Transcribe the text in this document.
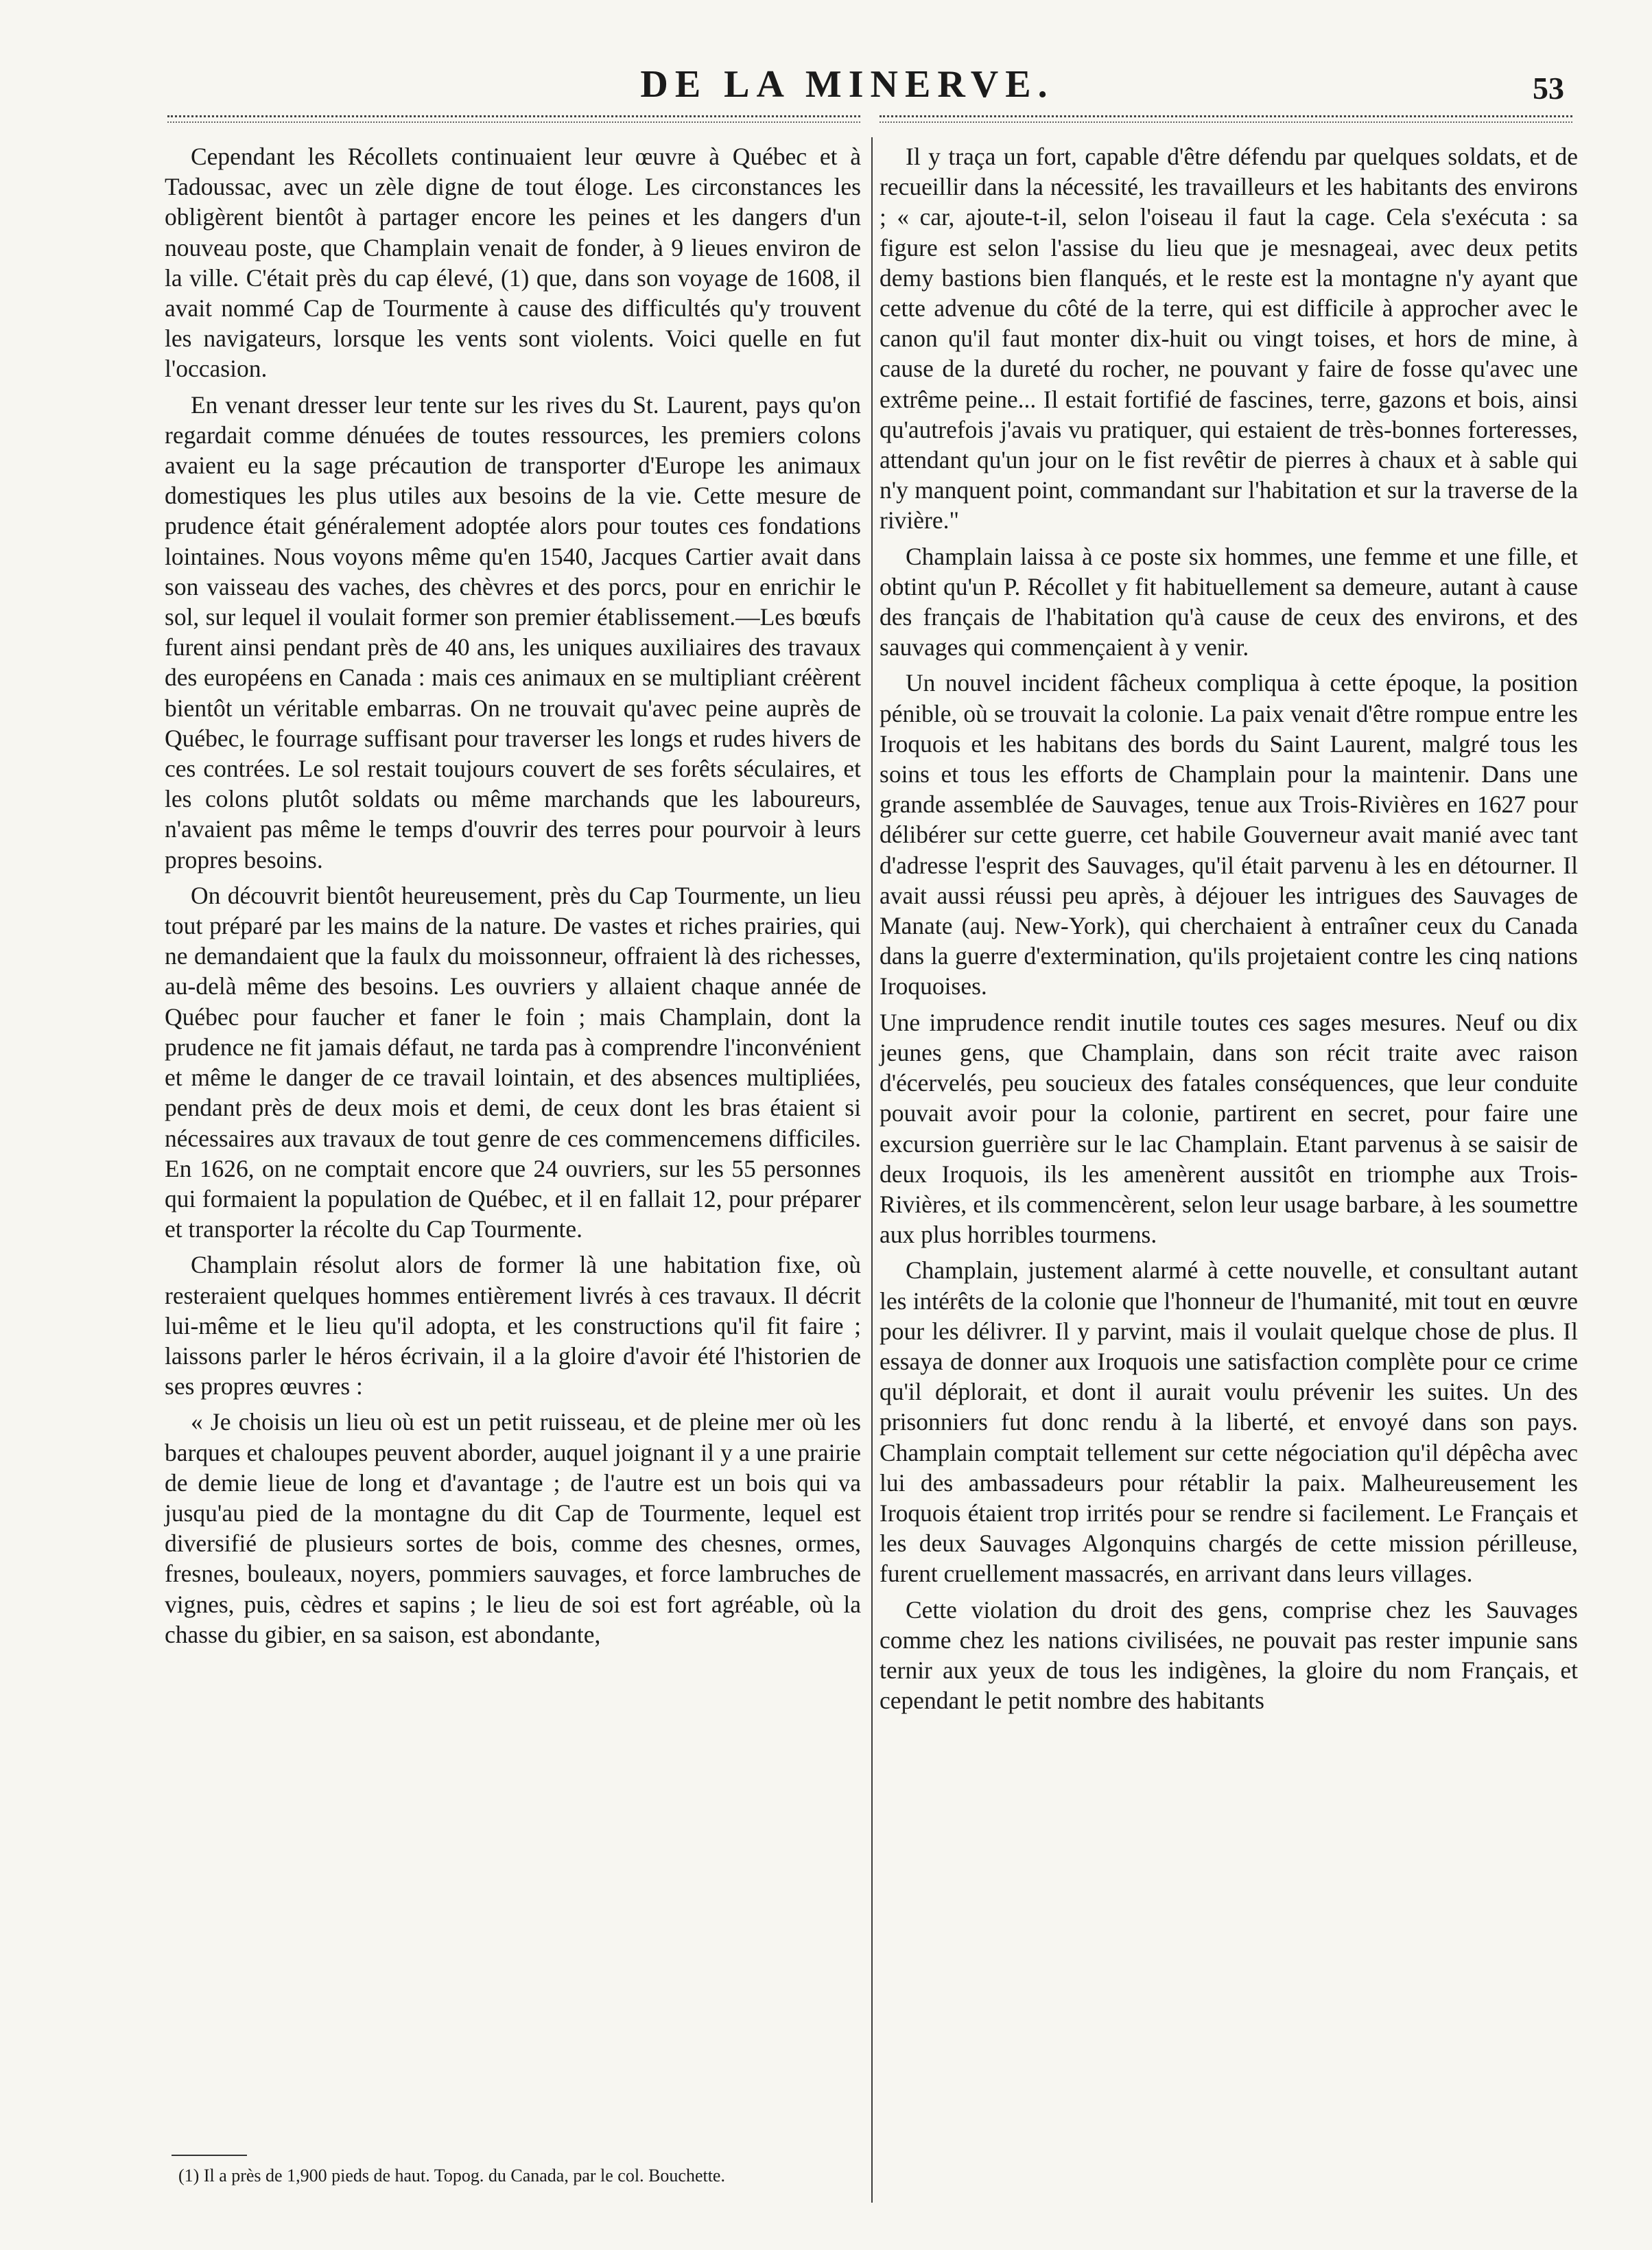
DE LA MINERVE.	53

Cependant les Récollets continuaient leur œuvre à Québec et à Tadoussac, avec un zèle digne de tout éloge. Les circonstances les obligèrent bientôt à partager encore les peines et les dangers d'un nouveau poste, que Champlain venait de fonder, à 9 lieues environ de la ville. C'était près du cap élevé, (1) que, dans son voyage de 1608, il avait nommé Cap de Tourmente à cause des difficultés qu'y trouvent les navigateurs, lorsque les vents sont violents. Voici quelle en fut l'occasion.

En venant dresser leur tente sur les rives du St. Laurent, pays qu'on regardait comme dénuées de toutes ressources, les premiers colons avaient eu la sage précaution de transporter d'Europe les animaux domestiques les plus utiles aux besoins de la vie. Cette mesure de prudence était généralement adoptée alors pour toutes ces fondations lointaines. Nous voyons même qu'en 1540, Jacques Cartier avait dans son vaisseau des vaches, des chèvres et des porcs, pour en enrichir le sol, sur lequel il voulait former son premier établissement.—Les bœufs furent ainsi pendant près de 40 ans, les uniques auxiliaires des travaux des européens en Canada : mais ces animaux en se multipliant créèrent bientôt un véritable embarras. On ne trouvait qu'avec peine auprès de Québec, le fourrage suffisant pour traverser les longs et rudes hivers de ces contrées. Le sol restait toujours couvert de ses forêts séculaires, et les colons plutôt soldats ou même marchands que les laboureurs, n'avaient pas même le temps d'ouvrir des terres pour pourvoir à leurs propres besoins.

On découvrit bientôt heureusement, près du Cap Tourmente, un lieu tout préparé par les mains de la nature. De vastes et riches prairies, qui ne demandaient que la faulx du moissonneur, offraient là des richesses, au-delà même des besoins. Les ouvriers y allaient chaque année de Québec pour faucher et faner le foin ; mais Champlain, dont la prudence ne fit jamais défaut, ne tarda pas à comprendre l'inconvénient et même le danger de ce travail lointain, et des absences multipliées, pendant près de deux mois et demi, de ceux dont les bras étaient si nécessaires aux travaux de tout genre de ces commencemens difficiles. En 1626, on ne comptait encore que 24 ouvriers, sur les 55 personnes qui formaient la population de Québec, et il en fallait 12, pour préparer et transporter la récolte du Cap Tourmente.

Champlain résolut alors de former là une habitation fixe, où resteraient quelques hommes entièrement livrés à ces travaux. Il décrit lui-même et le lieu qu'il adopta, et les constructions qu'il fit faire ; laissons parler le héros écrivain, il a la gloire d'avoir été l'historien de ses propres œuvres :

« Je choisis un lieu où est un petit ruisseau, et de pleine mer où les barques et chaloupes peuvent aborder, auquel joignant il y a une prairie de demie lieue de long et d'avantage ; de l'autre est un bois qui va jusqu'au pied de la montagne du dit Cap de Tourmente, lequel est diversifié de plusieurs sortes de bois, comme des chesnes, ormes, fresnes, bouleaux, noyers, pommiers sauvages, et force lambruches de vignes, puis, cèdres et sapins ; le lieu de soi est fort agréable, où la chasse du gibier, en sa saison, est abondante,

Il y traça un fort, capable d'être défendu par quelques soldats, et de recueillir dans la nécessité, les travailleurs et les habitants des environs ; « car, ajoute-t-il, selon l'oiseau il faut la cage. Cela s'exécuta : sa figure est selon l'assise du lieu que je mesnageai, avec deux petits demy bastions bien flanqués, et le reste est la montagne n'y ayant que cette advenue du côté de la terre, qui est difficile à approcher avec le canon qu'il faut monter dix-huit ou vingt toises, et hors de mine, à cause de la dureté du rocher, ne pouvant y faire de fosse qu'avec une extrême peine... Il estait fortifié de fascines, terre, gazons et bois, ainsi qu'autrefois j'avais vu pratiquer, qui estaient de très-bonnes forteresses, attendant qu'un jour on le fist revêtir de pierres à chaux et à sable qui n'y manquent point, commandant sur l'habitation et sur la traverse de la rivière."

Champlain laissa à ce poste six hommes, une femme et une fille, et obtint qu'un P. Récollet y fit habituellement sa demeure, autant à cause des français de l'habitation qu'à cause de ceux des environs, et des sauvages qui commençaient à y venir.

Un nouvel incident fâcheux compliqua à cette époque, la position pénible, où se trouvait la colonie. La paix venait d'être rompue entre les Iroquois et les habitans des bords du Saint Laurent, malgré tous les soins et tous les efforts de Champlain pour la maintenir. Dans une grande assemblée de Sauvages, tenue aux Trois-Rivières en 1627 pour délibérer sur cette guerre, cet habile Gouverneur avait manié avec tant d'adresse l'esprit des Sauvages, qu'il était parvenu à les en détourner. Il avait aussi réussi peu après, à déjouer les intrigues des Sauvages de Manate (auj. New-York), qui cherchaient à entraîner ceux du Canada dans la guerre d'extermination, qu'ils projetaient contre les cinq nations Iroquoises.

Une imprudence rendit inutile toutes ces sages mesures. Neuf ou dix jeunes gens, que Champlain, dans son récit traite avec raison d'écervelés, peu soucieux des fatales conséquences, que leur conduite pouvait avoir pour la colonie, partirent en secret, pour faire une excursion guerrière sur le lac Champlain. Etant parvenus à se saisir de deux Iroquois, ils les amenèrent aussitôt en triomphe aux Trois-Rivières, et ils commencèrent, selon leur usage barbare, à les soumettre aux plus horribles tourmens.

Champlain, justement alarmé à cette nouvelle, et consultant autant les intérêts de la colonie que l'honneur de l'humanité, mit tout en œuvre pour les délivrer. Il y parvint, mais il voulait quelque chose de plus. Il essaya de donner aux Iroquois une satisfaction complète pour ce crime qu'il déplorait, et dont il aurait voulu prévenir les suites. Un des prisonniers fut donc rendu à la liberté, et envoyé dans son pays. Champlain comptait tellement sur cette négociation qu'il dépêcha avec lui des ambassadeurs pour rétablir la paix. Malheureusement les Iroquois étaient trop irrités pour se rendre si facilement. Le Français et les deux Sauvages Algonquins chargés de cette mission périlleuse, furent cruellement massacrés, en arrivant dans leurs villages.

Cette violation du droit des gens, comprise chez les Sauvages comme chez les nations civilisées, ne pouvait pas rester impunie sans ternir aux yeux de tous les indigènes, la gloire du nom Français, et cependant le petit nombre des habitants

(1) Il a près de 1,900 pieds de haut. Topog. du Canada, par le col. Bouchette.
